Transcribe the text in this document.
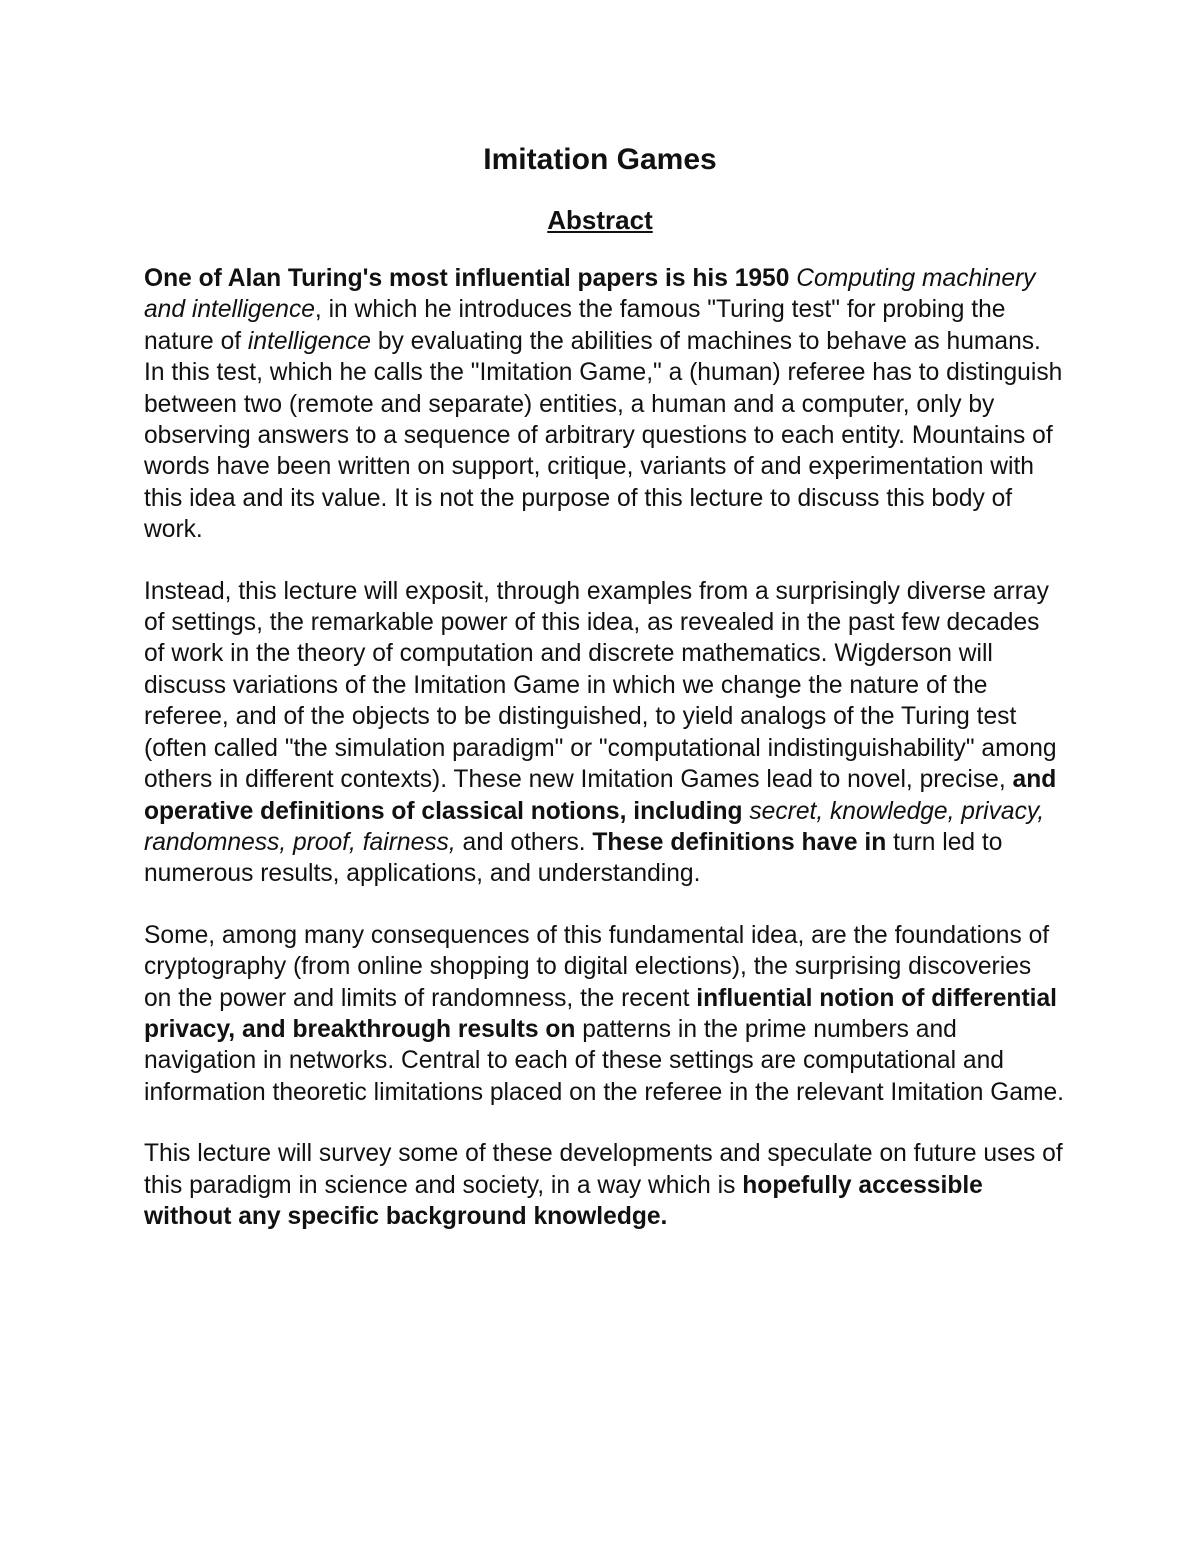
Imitation Games
Abstract

One of Alan Turing's most influential papers is his 1950 Computing machinery and intelligence, in which he introduces the famous "Turing test" for probing the nature of intelligence by evaluating the abilities of machines to behave as humans. In this test, which he calls the "Imitation Game," a (human) referee has to distinguish between two (remote and separate) entities, a human and a computer, only by observing answers to a sequence of arbitrary questions to each entity. Mountains of words have been written on support, critique, variants of and experimentation with this idea and its value. It is not the purpose of this lecture to discuss this body of work.

Instead, this lecture will exposit, through examples from a surprisingly diverse array of settings, the remarkable power of this idea, as revealed in the past few decades of work in the theory of computation and discrete mathematics. Wigderson will discuss variations of the Imitation Game in which we change the nature of the referee, and of the objects to be distinguished, to yield analogs of the Turing test (often called "the simulation paradigm" or "computational indistinguishability" among others in different contexts). These new Imitation Games lead to novel, precise, and operative definitions of classical notions, including secret, knowledge, privacy, randomness, proof, fairness, and others. These definitions have in turn led to numerous results, applications, and understanding.

Some, among many consequences of this fundamental idea, are the foundations of cryptography (from online shopping to digital elections), the surprising discoveries on the power and limits of randomness, the recent influential notion of differential privacy, and breakthrough results on patterns in the prime numbers and navigation in networks. Central to each of these settings are computational and information theoretic limitations placed on the referee in the relevant Imitation Game.

This lecture will survey some of these developments and speculate on future uses of this paradigm in science and society, in a way which is hopefully accessible without any specific background knowledge.
